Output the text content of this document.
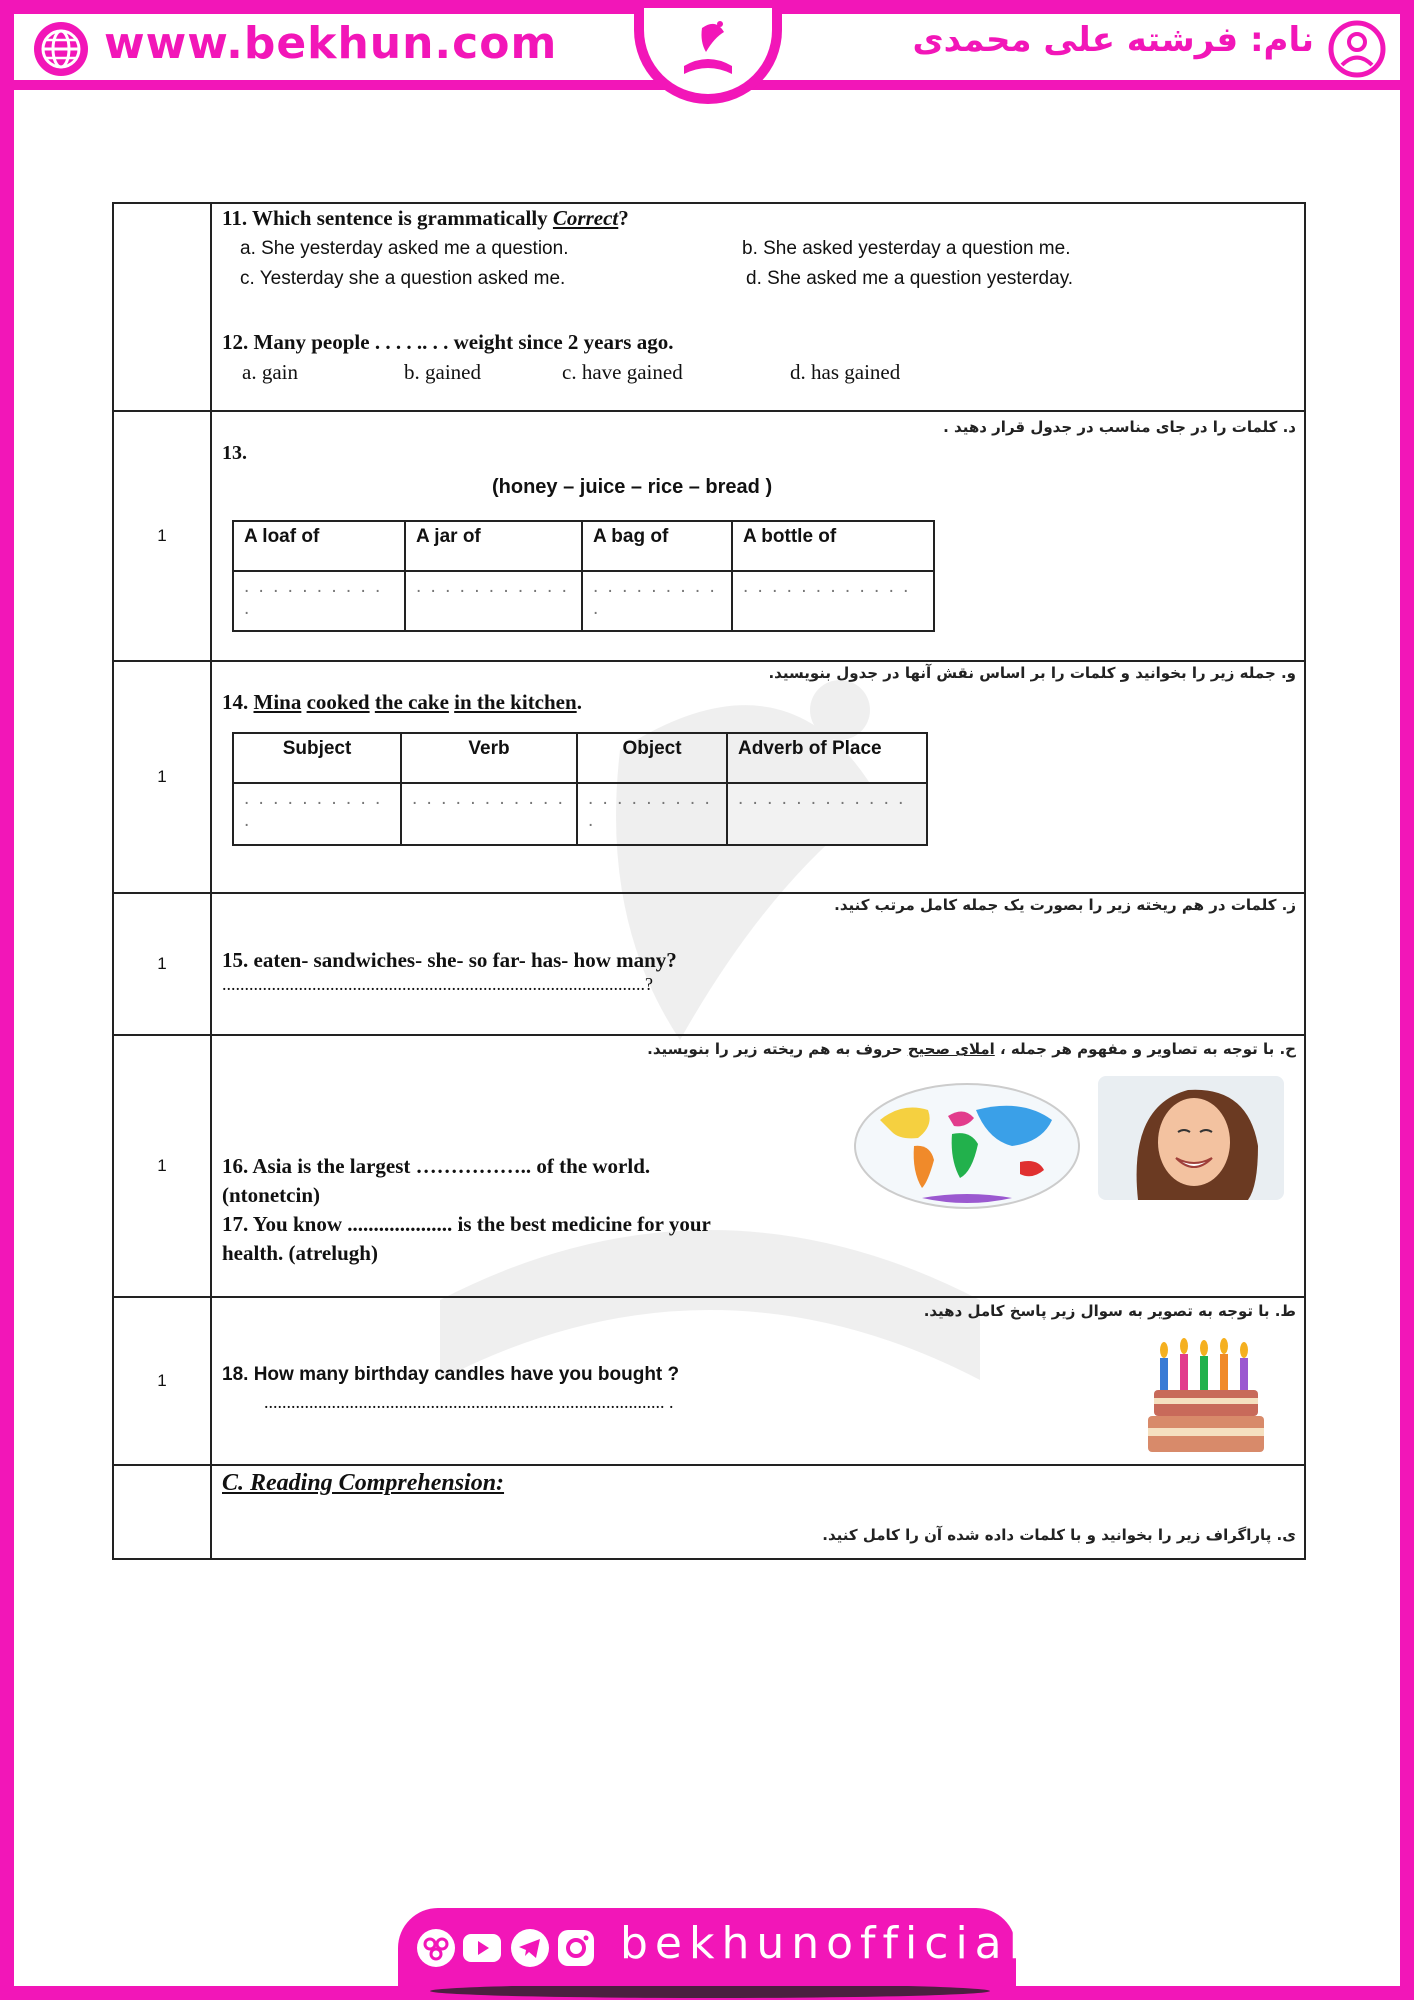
www.bekhun.com	نام: فرشته علی محمدی

11. Which sentence is grammatically Correct?
a. She yesterday asked me a question.	b. She asked yesterday a question me.
c. Yesterday she a question asked me.	d. She asked me a question yesterday.
12. Many people . . . . .. . . weight since 2 years ago.
a. gain	b. gained	c. have gained	d. has gained

1	
د. کلمات را در جای مناسب در جدول قرار دهید .
13.
(honey – juice – rice – bread )
A loaf of	A jar of	A bag of	A bottle of
. . . . . . . . . . .	. . . . . . . . . . .	. . . . . . . . . .	. . . . . . . . . . . .

1	
و. جمله زیر را بخوانید و کلمات را بر اساس نقش آنها در جدول بنویسید.
14. Mina cooked the cake in the kitchen.
Subject	Verb	Object	Adverb of Place
. . . . . . . . . . .	. . . . . . . . . . .	. . . . . . . . . .	. . . . . . . . . . . .

1	
ز. کلمات در هم ریخته زیر را بصورت یک جمله کامل مرتب کنید.
15. eaten- sandwiches- she- so far- has- how many?
..............................................................................................?

1	
ح. با توجه به تصاویر و مفهوم هر جمله ، املای صحیح حروف به هم ریخته زیر را بنویسید.
16. Asia is the largest …………….. of the world.
(ntonetcin)
17. You know .................... is the best medicine for your
health. (atrelugh)

1	
ط. با توجه به تصویر به سوال زیر پاسخ کامل دهید.
18. How many birthday candles have you bought ?
......................................................................................... .

C. Reading Comprehension:
ی. پاراگراف زیر را بخوانید و با کلمات داده شده آن را کامل کنید.
bekhunofficial
